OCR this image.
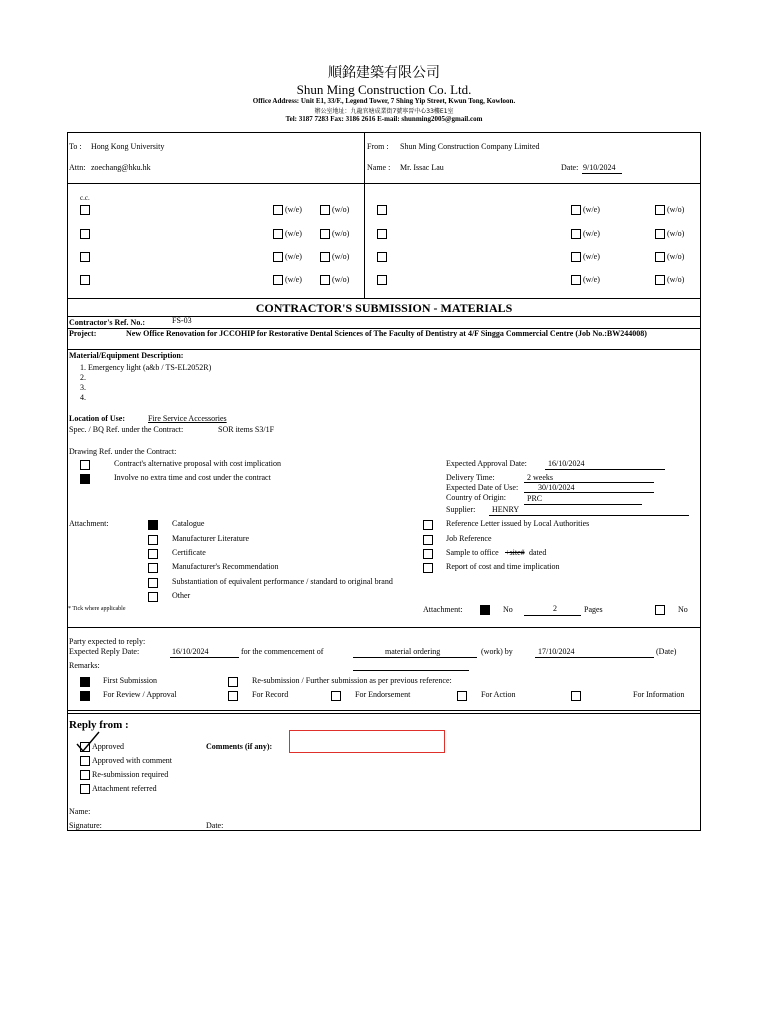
順銘建築有限公司
Shun Ming Construction Co. Ltd.
Office Address: Unit E1, 33/F., Legend Tower, 7 Shing Yip Street, Kwun Tong, Kowloon.
辦公室地址：九龍官塘成業街7號寧晉中心33樓E1室
Tel: 3187 7283 Fax: 3186 2616 E-mail: shunming2005@gmail.com
To : Hong Kong University
Attn: zoechang@hku.hk
From : Shun Ming Construction Company Limited
Name : Mr. Issac Lau	Date: 9/10/2024
c.c.
CONTRACTOR'S SUBMISSION - MATERIALS
Contractor's Ref. No.:	FS-03
Project:	New Office Renovation for JCCOHIP for Restorative Dental Sciences of The Faculty of Dentistry at 4/F Singga Commercial Centre (Job No.:BW244008)
Material/Equipment Description:
1. Emergency light (a&b / TS-EL2052R)
2.
3.
4.
Location of Use:	Fire Service Accessories
Spec. / BQ Ref. under the Contract:	SOR items S3/1F
Drawing Ref. under the Contract:
Contract's alternative proposal with cost implication
Involve no extra time and cost under the contract
Expected Approval Date:	16/10/2024
Delivery Time:	2 weeks
Expected Date of Use: 30/10/2024
Country of Origin:	PRC
Supplier: HENRY
Attachment:
+site# dated
* Tick where applicable	Attachment:	No	2	Pages	No
Party expected to reply:
Expected Reply Date:	16/10/2024	for the commencement of	material ordering	(work) by	17/10/2024	(Date)
Remarks:
First Submission	Re-submission / Further submission as per previous reference:
For Review / Approval	For Record	For Endorsement	For Action	For Information
Reply from :
Approved	Comments (if any):
Approved with comment
Re-submission required
Attachment referred
Name:
Signature:	Date:
(w/e)	(w/o)	(w/e)	(w/o)
(w/e)	(w/o)	(w/e)	(w/o)
(w/e)	(w/o)	(w/e)	(w/o)
(w/e)	(w/o)	(w/e)	(w/o)
Catalogue
Manufacturer Literature
Certificate
Manufacturer's Recommendation
Substantiation of equivalent performance / standard to original brand
Other
Reference Letter issued by Local Authorities
Job Reference
Sample to office
Report of cost and time implication
